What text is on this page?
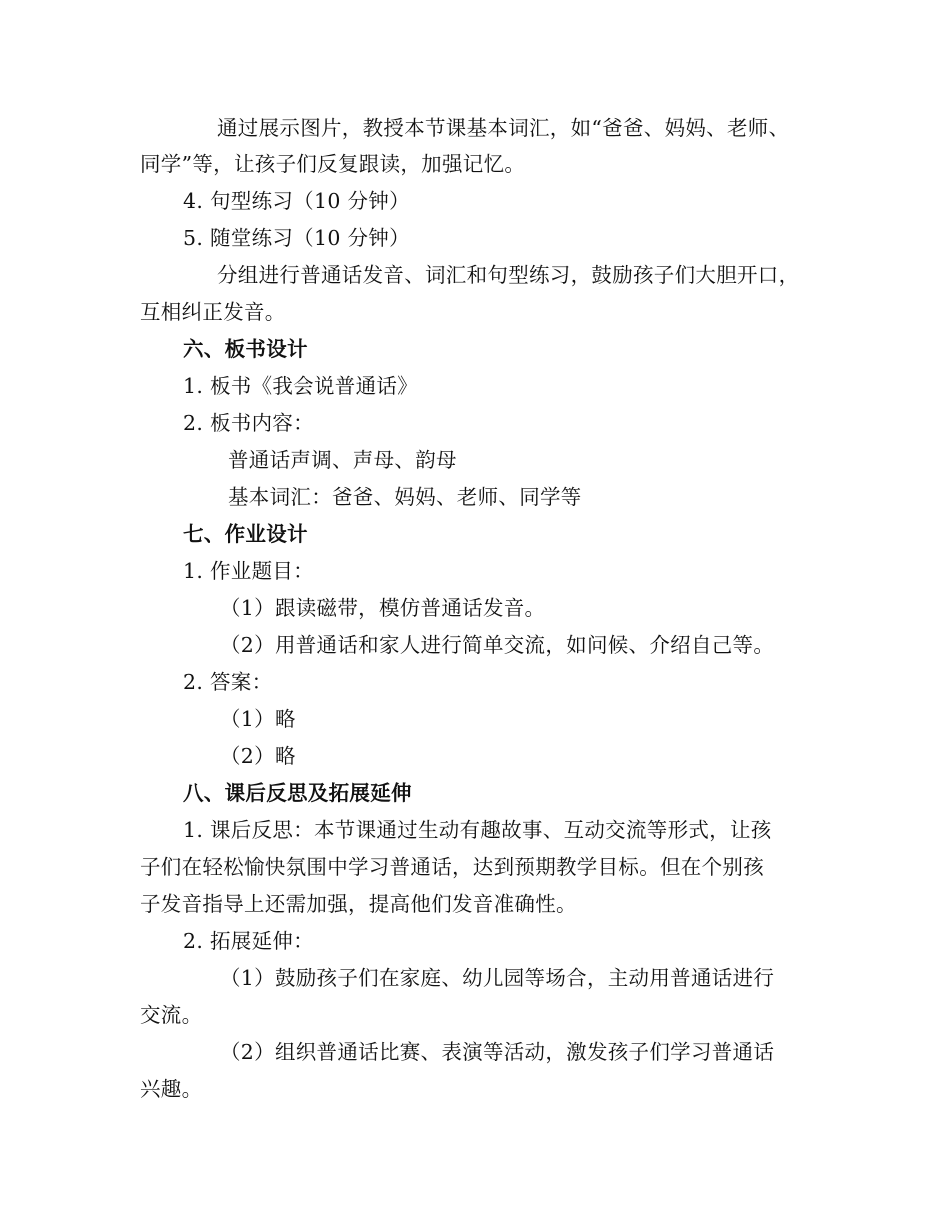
通过展示图片，教授本节课基本词汇，如“爸爸、妈妈、老师、
同学”等，让孩子们反复跟读，加强记忆。
4. 句型练习（10 分钟）
5. 随堂练习（10 分钟）
分组进行普通话发音、词汇和句型练习，鼓励孩子们大胆开口，
互相纠正发音。
六、板书设计
1. 板书《我会说普通话》
2. 板书内容：
普通话声调、声母、韵母
基本词汇：爸爸、妈妈、老师、同学等
七、作业设计
1. 作业题目：
（1）跟读磁带，模仿普通话发音。
（2）用普通话和家人进行简单交流，如问候、介绍自己等。
2. 答案：
（1）略
（2）略
八、课后反思及拓展延伸
1. 课后反思：本节课通过生动有趣故事、互动交流等形式，让孩
子们在轻松愉快氛围中学习普通话，达到预期教学目标。但在个别孩
子发音指导上还需加强，提高他们发音准确性。
2. 拓展延伸：
（1）鼓励孩子们在家庭、幼儿园等场合，主动用普通话进行
交流。
（2）组织普通话比赛、表演等活动，激发孩子们学习普通话
兴趣。
